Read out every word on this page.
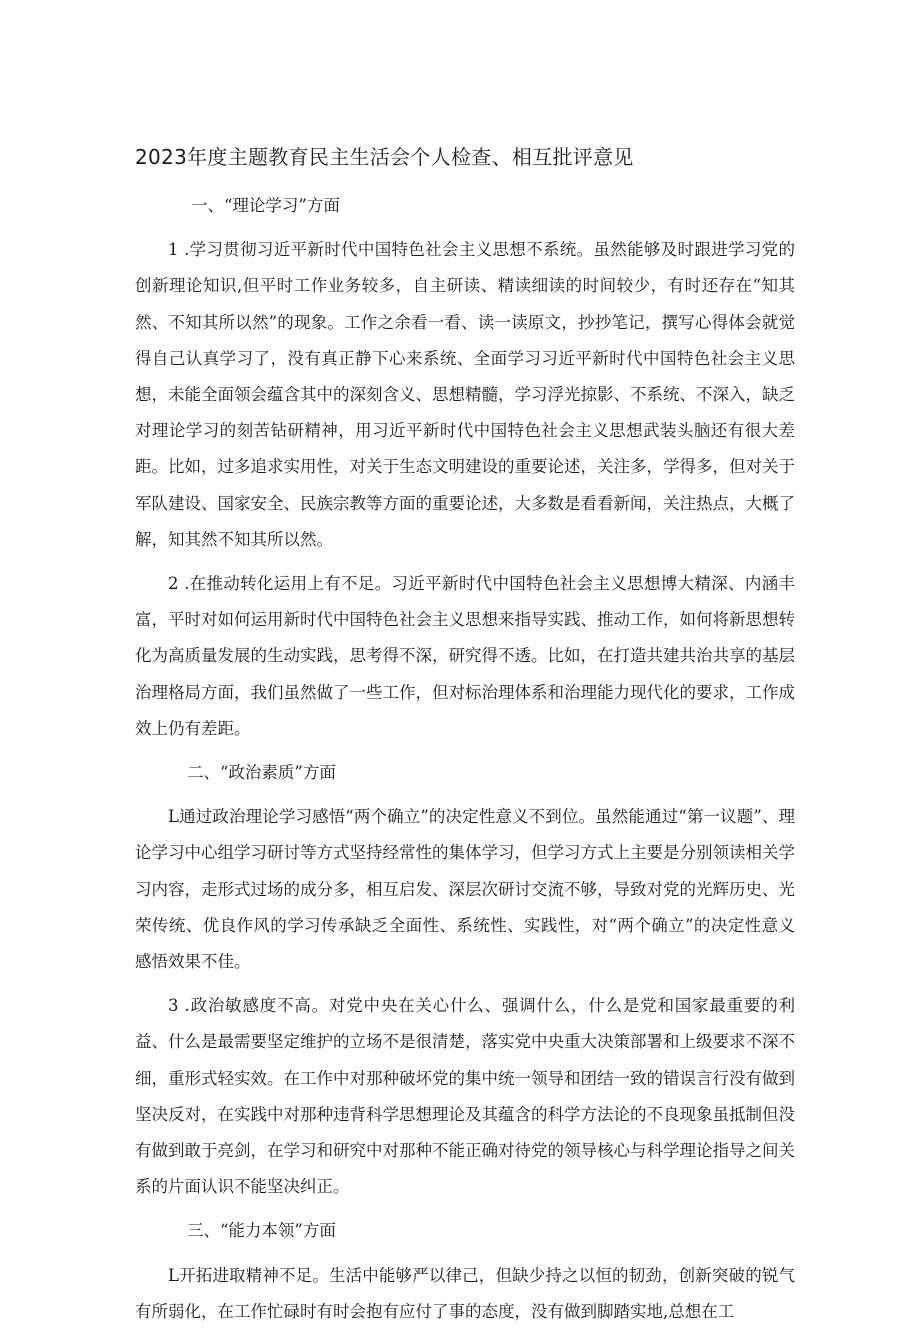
2023年度主题教育民主生活会个人检查、相互批评意见

一、“理论学习”方面

1 .学习贯彻习近平新时代中国特色社会主义思想不系统。虽然能够及时跟进学习党的创新理论知识,但平时工作业务较多，自主研读、精读细读的时间较少，有时还存在“知其然、不知其所以然”的现象。工作之余看一看、读一读原文，抄抄笔记，撰写心得体会就觉得自己认真学习了，没有真正静下心来系统、全面学习习近平新时代中国特色社会主义思想，未能全面领会蕴含其中的深刻含义、思想精髓，学习浮光掠影、不系统、不深入，缺乏对理论学习的刻苦钻研精神，用习近平新时代中国特色社会主义思想武装头脑还有很大差距。比如，过多追求实用性，对关于生态文明建设的重要论述，关注多，学得多，但对关于军队建设、国家安全、民族宗教等方面的重要论述，大多数是看看新闻，关注热点，大概了解，知其然不知其所以然。

2 .在推动转化运用上有不足。习近平新时代中国特色社会主义思想博大精深、内涵丰富，平时对如何运用新时代中国特色社会主义思想来指导实践、推动工作，如何将新思想转化为高质量发展的生动实践，思考得不深，研究得不透。比如，在打造共建共治共享的基层治理格局方面，我们虽然做了一些工作，但对标治理体系和治理能力现代化的要求，工作成效上仍有差距。

二、“政治素质”方面

L通过政治理论学习感悟“两个确立”的决定性意义不到位。虽然能通过“第一议题”、理论学习中心组学习研讨等方式坚持经常性的集体学习，但学习方式上主要是分别领读相关学习内容，走形式过场的成分多，相互启发、深层次研讨交流不够，导致对党的光辉历史、光荣传统、优良作风的学习传承缺乏全面性、系统性、实践性，对“两个确立”的决定性意义感悟效果不佳。

3 .政治敏感度不高。对党中央在关心什么、强调什么，什么是党和国家最重要的利益、什么是最需要坚定维护的立场不是很清楚，落实党中央重大决策部署和上级要求不深不细，重形式轻实效。在工作中对那种破坏党的集中统一领导和团结一致的错误言行没有做到坚决反对，在实践中对那种违背科学思想理论及其蕴含的科学方法论的不良现象虽抵制但没有做到敢于亮剑，在学习和研究中对那种不能正确对待党的领导核心与科学理论指导之间关系的片面认识不能坚决纠正。

三、“能力本领”方面

L开拓进取精神不足。生活中能够严以律己，但缺少持之以恒的韧劲，创新突破的锐气有所弱化，在工作忙碌时有时会抱有应付了事的态度，没有做到脚踏实地,总想在工
